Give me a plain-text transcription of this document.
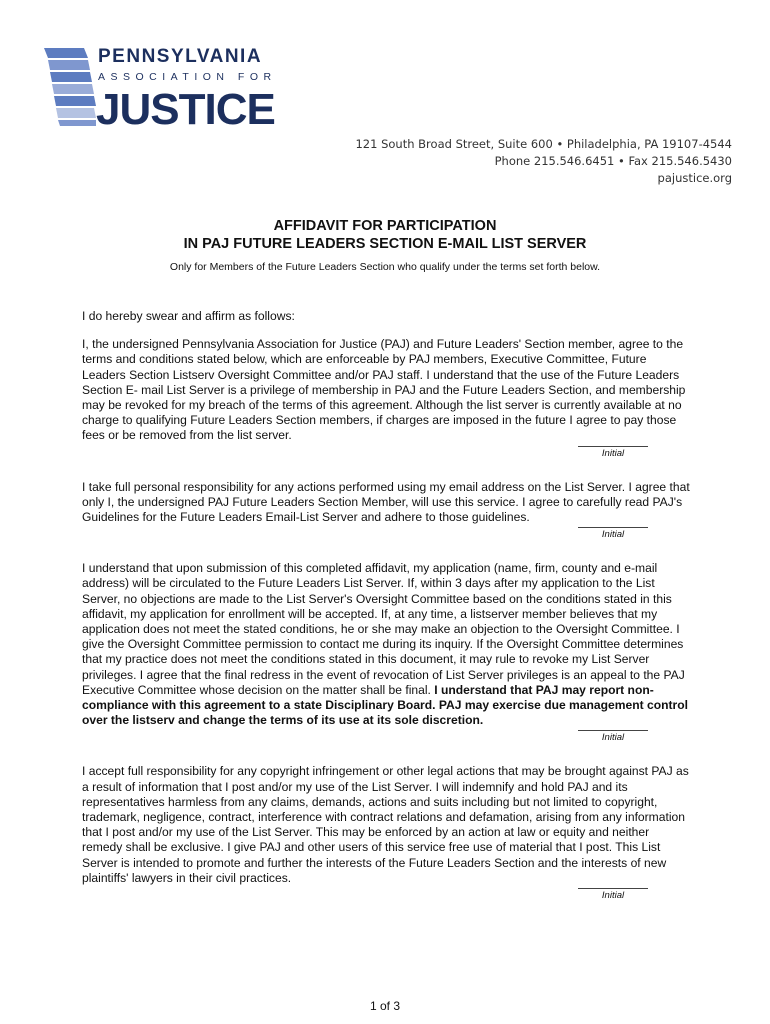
PENNSYLVANIA
ASSOCIATION FOR
JUSTICE
121 South Broad Street, Suite 600 • Philadelphia, PA 19107-4544
Phone 215.546.6451 • Fax 215.546.5430
pajustice.org
AFFIDAVIT FOR PARTICIPATION
IN PAJ FUTURE LEADERS SECTION E-MAIL LIST SERVER
Only for Members of the Future Leaders Section who qualify under the terms set forth below.

I do hereby swear and affirm as follows:

I, the undersigned Pennsylvania Association for Justice (PAJ) and Future Leaders' Section member, agree to the terms and conditions stated below, which are enforceable by PAJ members, Executive Committee, Future Leaders Section Listserv Oversight Committee and/or PAJ staff. I understand that the use of the Future Leaders Section E- mail List Server is a privilege of membership in PAJ and the Future Leaders Section, and membership may be revoked for my breach of the terms of this agreement. Although the list server is currently available at no charge to qualifying Future Leaders Section members, if charges are imposed in the future I agree to pay those fees or be removed from the list server.

Initial

I take full personal responsibility for any actions performed using my email address on the List Server. I agree that only I, the undersigned PAJ Future Leaders Section Member, will use this service. I agree to carefully read PAJ's Guidelines for the Future Leaders Email-List Server and adhere to those guidelines.

Initial

I understand that upon submission of this completed affidavit, my application (name, firm, county and e-mail address) will be circulated to the Future Leaders List Server. If, within 3 days after my application to the List Server, no objections are made to the List Server's Oversight Committee based on the conditions stated in this affidavit, my application for enrollment will be accepted. If, at any time, a listserver member believes that my application does not meet the stated conditions, he or she may make an objection to the Oversight Committee. I give the Oversight Committee permission to contact me during its inquiry. If the Oversight Committee determines that my practice does not meet the conditions stated in this document, it may rule to revoke my List Server privileges. I agree that the final redress in the event of revocation of List Server privileges is an appeal to the PAJ Executive Committee whose decision on the matter shall be final. I understand that PAJ may report non-compliance with this agreement to a state Disciplinary Board. PAJ may exercise due management control over the listserv and change the terms of its use at its sole discretion.

Initial

I accept full responsibility for any copyright infringement or other legal actions that may be brought against PAJ as a result of information that I post and/or my use of the List Server. I will indemnify and hold PAJ and its representatives harmless from any claims, demands, actions and suits including but not limited to copyright, trademark, negligence, contract, interference with contract relations and defamation, arising from any information that I post and/or my use of the List Server. This may be enforced by an action at law or equity and neither remedy shall be exclusive. I give PAJ and other users of this service free use of material that I post. This List Server is intended to promote and further the interests of the Future Leaders Section and the interests of new plaintiffs' lawyers in their civil practices.

Initial
1 of 3
